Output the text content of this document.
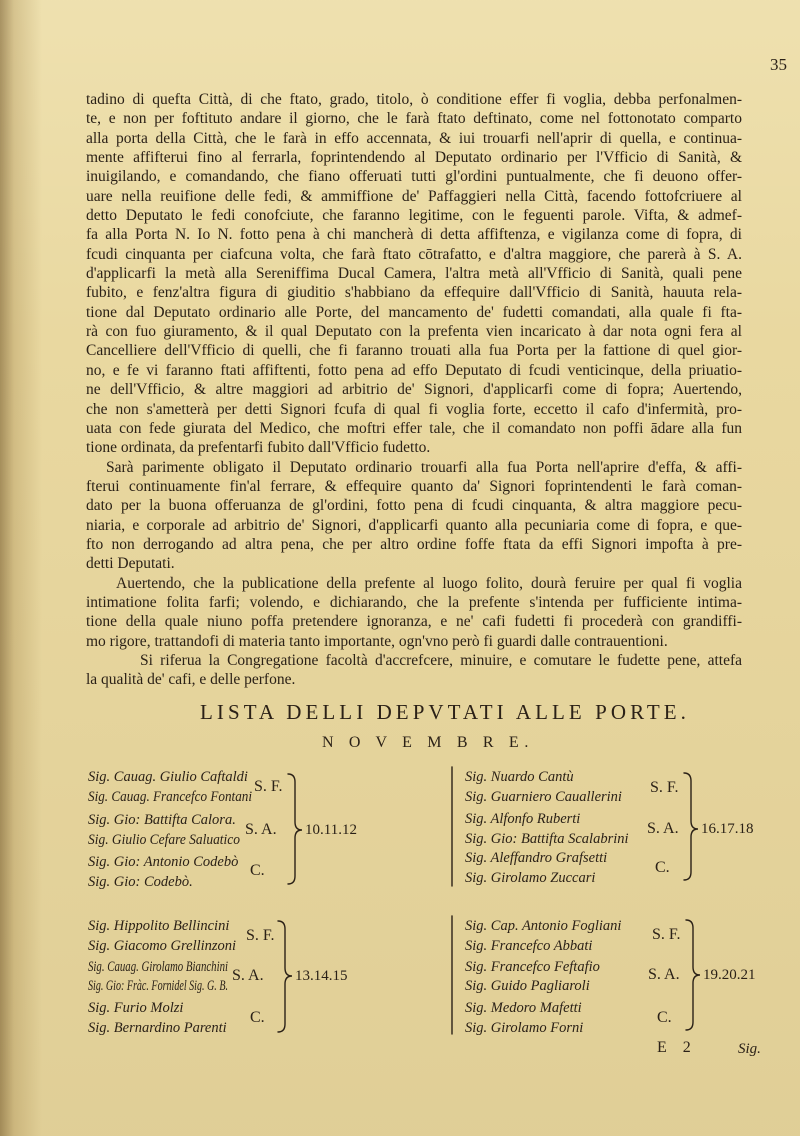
35
tadino di quefta Città, di che ftato, grado, titolo, ò conditione effer fi voglia, debba perfonalmen-
te, e non per foftituto andare il giorno, che le farà ftato deftinato, come nel fottonotato comparto
alla porta della Città, che le farà in effo accennata, & iui trouarfi nell'aprir di quella, e continua-
mente affifterui fino al ferrarla, foprintendendo al Deputato ordinario per l'Vfficio di Sanità, &
inuigilando, e comandando, che fiano offeruati tutti gl'ordini puntualmente, che fi deuono offer-
uare nella reuifione delle fedi, & ammiffione de' Paffaggieri nella Città, facendo fottofcriuere al
detto Deputato le fedi conofciute, che faranno legitime, con le feguenti parole. Vifta, & admef-
fa alla Porta N. Io N. fotto pena à chi mancherà di detta affiftenza, e vigilanza come di fopra, di
fcudi cinquanta per ciafcuna volta, che farà ftato cōtrafatto, e d'altra maggiore, che parerà à S. A.
d'applicarfi la metà alla Sereniffima Ducal Camera, l'altra metà all'Vfficio di Sanità, quali pene
fubito, e fenz'altra figura di giuditio s'habbiano da effequire dall'Vfficio di Sanità, hauuta rela-
tione dal Deputato ordinario alle Porte, del mancamento de' fudetti comandati, alla quale fi fta-
rà con fuo giuramento, & il qual Deputato con la prefenta vien incaricato à dar nota ogni fera al
Cancelliere dell'Vfficio di quelli, che fi faranno trouati alla fua Porta per la fattione di quel gior-
no, e fe vi faranno ftati affiftenti, fotto pena ad effo Deputato di fcudi venticinque, della priuatio-
ne dell'Vfficio, & altre maggiori ad arbitrio de' Signori, d'applicarfi come di fopra; Auertendo,
che non s'ametterà per detti Signori fcufa di qual fi voglia forte, eccetto il cafo d'infermità, pro-
uata con fede giurata del Medico, che moftri effer tale, che il comandato non poffi ādare alla fun
tione ordinata, da prefentarfi fubito dall'Vfficio fudetto.
Sarà parimente obligato il Deputato ordinario trouarfi alla fua Porta nell'aprire d'effa, & affi-
fterui continuamente fin'al ferrare, & effequire quanto da' Signori foprintendenti le farà coman-
dato per la buona offeruanza de gl'ordini, fotto pena di fcudi cinquanta, & altra maggiore pecu-
niaria, e corporale ad arbitrio de' Signori, d'applicarfi quanto alla pecuniaria come di fopra, e que-
fto non derrogando ad altra pena, che per altro ordine foffe ftata da effi Signori impofta à pre-
detti Deputati.
Auertendo, che la publicatione della prefente al luogo folito, dourà feruire per qual fi voglia
intimatione folita farfi; volendo, e dichiarando, che la prefente s'intenda per fufficiente intima-
tione della quale niuno poffa pretendere ignoranza, e ne' cafi fudetti fi procederà con grandiffi-
mo rigore, trattandofi di materia tanto importante, ogn'vno però fi guardi dalle contrauentioni.
Si riferua la Congregatione facoltà d'accrefcere, minuire, e comutare le fudette pene, attefa
la qualità de' cafi, e delle perfone.
LISTA DELLI DEPVTATI ALLE PORTE.
N O V E M B R E.
Sig. Cauag. Giulio Caftaldi
Sig. Cauag. Francefco Fontani
S. F.
Sig. Gio: Battifta Calora.
Sig. Giulio Cefare Saluatico
S. A.
Sig. Gio: Antonio Codebò
Sig. Gio: Codebò.
C.
10.11.12
Sig. Nuardo Cantù
Sig. Guarniero Cauallerini
S. F.
Sig. Alfonfo Ruberti
Sig. Gio: Battifta Scalabrini
S. A.
Sig. Aleffandro Grafsetti
Sig. Girolamo Zuccari
C.
16.17.18
Sig. Hippolito Bellincini
Sig. Giacomo Grellinzoni
S. F.
Sig. Cauag. Girolamo Bianchini
Sig. Gio: Fràc. Fornidel Sig. G. B.
S. A.
Sig. Furio Molzi
Sig. Bernardino Parenti
C.
13.14.15
Sig. Cap. Antonio Fogliani
Sig. Francefco Abbati
S. F.
Sig. Francefco Feftafio
Sig. Guido Pagliaroli
S. A.
Sig. Medoro Mafetti
Sig. Girolamo Forni
C.
19.20.21
E 2	Sig.
